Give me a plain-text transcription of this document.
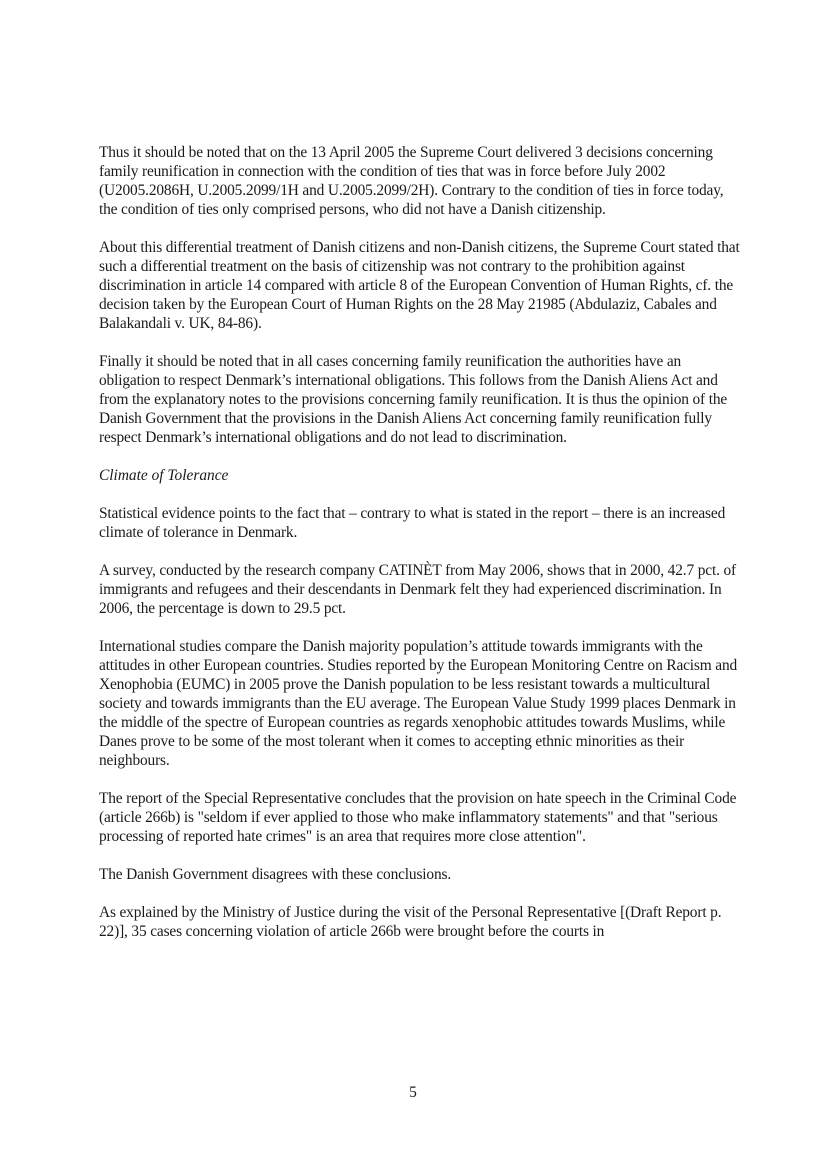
Thus it should be noted that on the 13 April 2005 the Supreme Court delivered 3 decisions concerning family reunification in connection with the condition of ties that was in force before July 2002 (U2005.2086H, U.2005.2099/1H and U.2005.2099/2H). Contrary to the condition of ties in force today, the condition of ties only comprised persons, who did not have a Danish citizenship.

About this differential treatment of Danish citizens and non-Danish citizens, the Supreme Court stated that such a differential treatment on the basis of citizenship was not contrary to the prohibition against discrimination in article 14 compared with article 8 of the European Convention of Human Rights, cf. the decision taken by the European Court of Human Rights on the 28 May 21985 (Abdulaziz, Cabales and Balakandali v. UK, 84-86).

Finally it should be noted that in all cases concerning family reunification the authorities have an obligation to respect Denmark’s international obligations. This follows from the Danish Aliens Act and from the explanatory notes to the provisions concerning family reunification. It is thus the opinion of the Danish Government that the provisions in the Danish Aliens Act concerning family reunification fully respect Denmark’s international obligations and do not lead to discrimination.

Climate of Tolerance

Statistical evidence points to the fact that – contrary to what is stated in the report – there is an increased climate of tolerance in Denmark.

A survey, conducted by the research company CATINÈT from May 2006, shows that in 2000, 42.7 pct. of immigrants and refugees and their descendants in Denmark felt they had experienced discrimination. In 2006, the percentage is down to 29.5 pct.

International studies compare the Danish majority population’s attitude towards immigrants with the attitudes in other European countries. Studies reported by the European Monitoring Centre on Racism and Xenophobia (EUMC) in 2005 prove the Danish population to be less resistant towards a multicultural society and towards immigrants than the EU average. The European Value Study 1999 places Denmark in the middle of the spectre of European countries as regards xenophobic attitudes towards Muslims, while Danes prove to be some of the most tolerant when it comes to accepting ethnic minorities as their neighbours.

The report of the Special Representative concludes that the provision on hate speech in the Criminal Code (article 266b) is "seldom if ever applied to those who make inflammatory statements" and that "serious processing of reported hate crimes" is an area that requires more close attention".

The Danish Government disagrees with these conclusions.

As explained by the Ministry of Justice during the visit of the Personal Representative [(Draft Report p. 22)], 35 cases concerning violation of article 266b were brought before the courts in

5
